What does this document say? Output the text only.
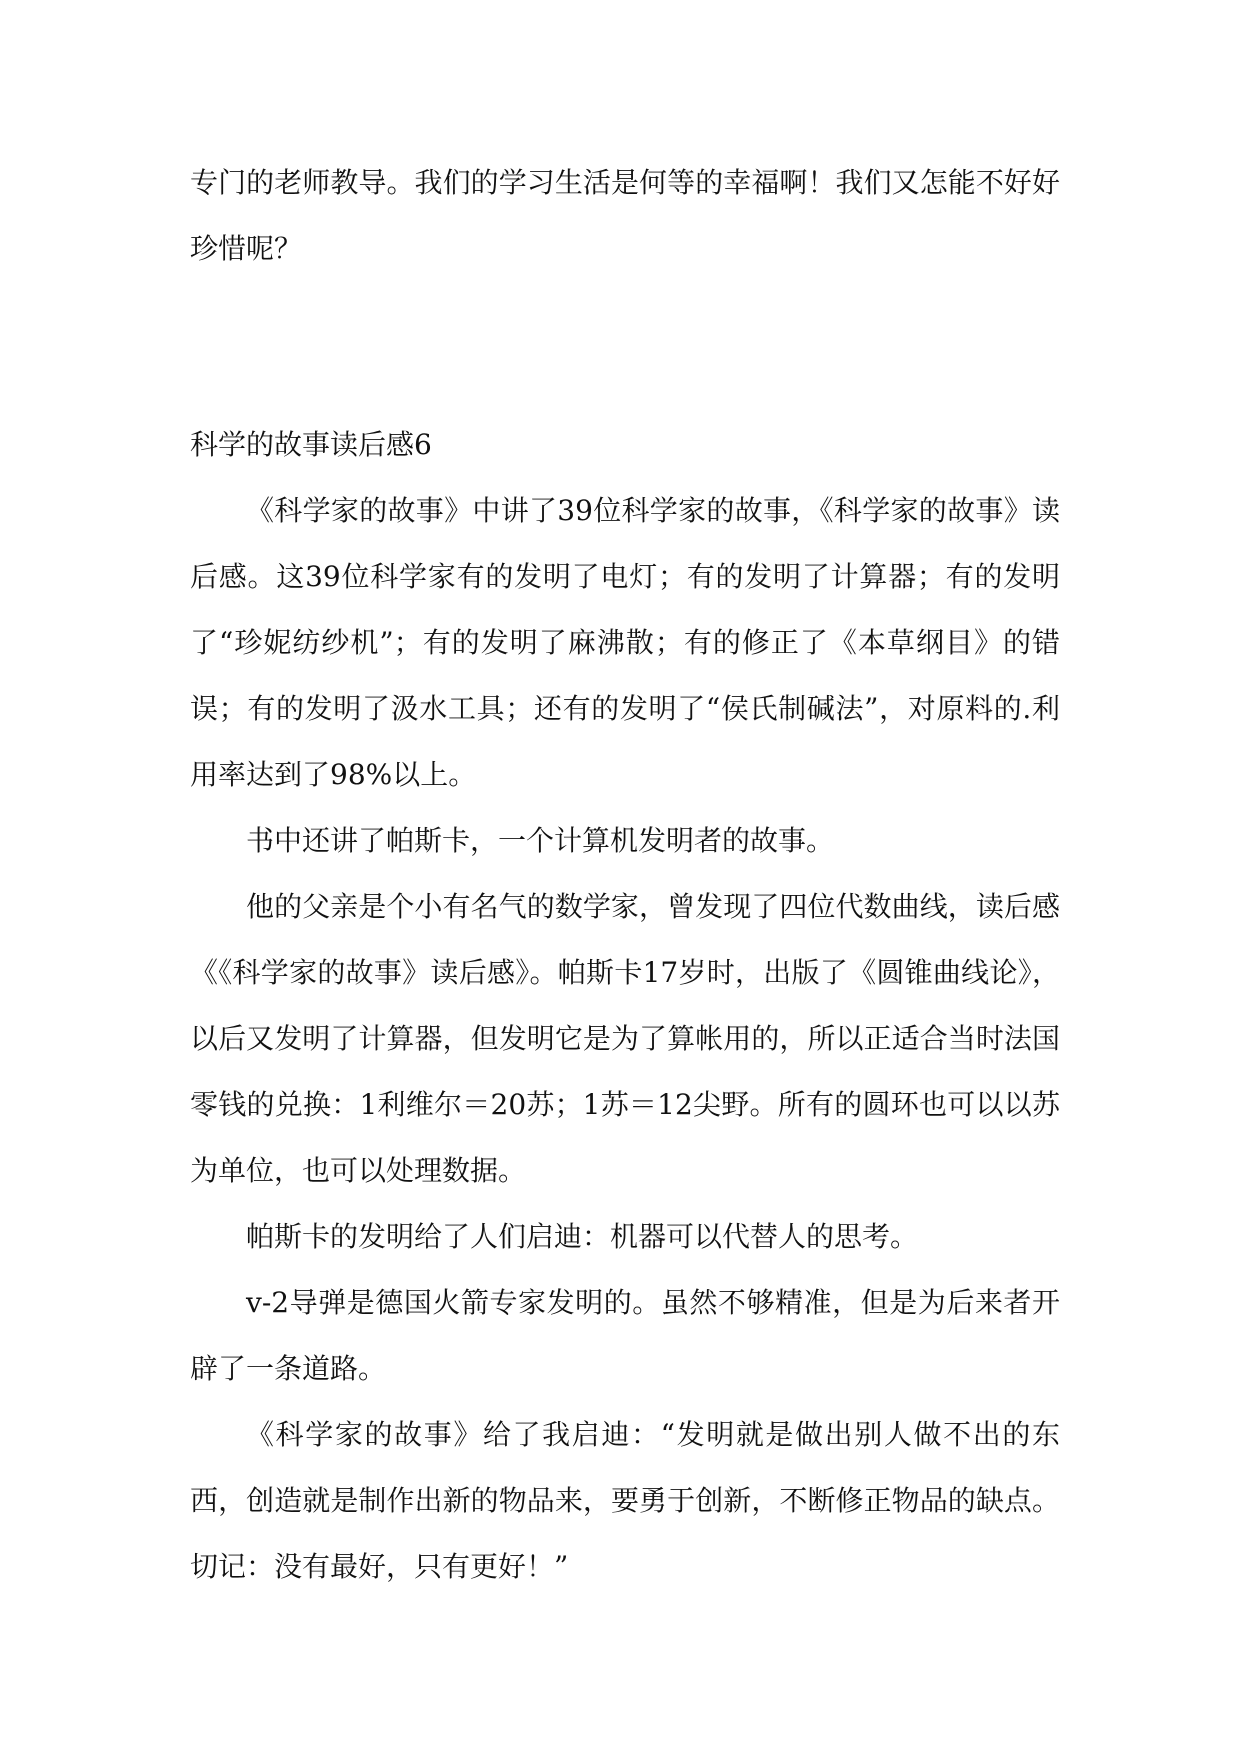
专门的老师教导。我们的学习生活是何等的幸福啊！我们又怎能不好好珍惜呢？

科学的故事读后感6

《科学家的故事》中讲了39位科学家的故事，《科学家的故事》读后感。这39位科学家有的发明了电灯；有的发明了计算器；有的发明了“珍妮纺纱机”；有的发明了麻沸散；有的修正了《本草纲目》的错误；有的发明了汲水工具；还有的发明了“侯氏制碱法”，对原料的.利用率达到了98%以上。

书中还讲了帕斯卡，一个计算机发明者的故事。

他的父亲是个小有名气的数学家，曾发现了四位代数曲线，读后感《《科学家的故事》读后感》。帕斯卡17岁时，出版了《圆锥曲线论》，以后又发明了计算器，但发明它是为了算帐用的，所以正适合当时法国零钱的兑换：1利维尔＝20苏；1苏＝12尖野。所有的圆环也可以以苏为单位，也可以处理数据。

帕斯卡的发明给了人们启迪：机器可以代替人的思考。

v-2导弹是德国火箭专家发明的。虽然不够精准，但是为后来者开辟了一条道路。

《科学家的故事》给了我启迪：“发明就是做出别人做不出的东西，创造就是制作出新的物品来，要勇于创新，不断修正物品的缺点。切记：没有最好，只有更好！”
